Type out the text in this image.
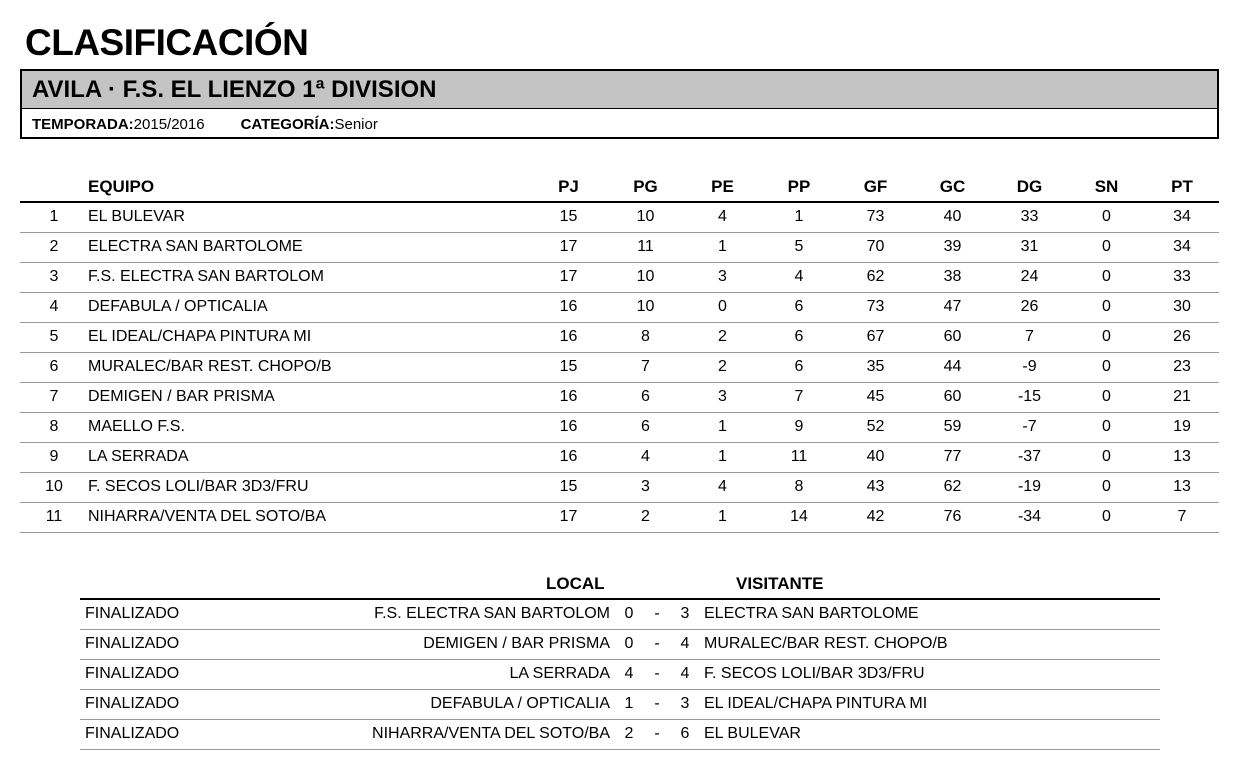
CLASIFICACIÓN
AVILA · F.S. EL LIENZO 1ª DIVISION
TEMPORADA: 2015/2016 CATEGORÍA: Senior
	EQUIPO	PJ	PG	PE	PP	GF	GC	DG	SN	PT
1	EL BULEVAR	15	10	4	1	73	40	33	0	34
2	ELECTRA SAN BARTOLOME	17	11	1	5	70	39	31	0	34
3	F.S. ELECTRA SAN BARTOLOM	17	10	3	4	62	38	24	0	33
4	DEFABULA / OPTICALIA	16	10	0	6	73	47	26	0	30
5	EL IDEAL/CHAPA PINTURA MI	16	8	2	6	67	60	7	0	26
6	MURALEC/BAR REST. CHOPO/B	15	7	2	6	35	44	-9	0	23
7	DEMIGEN / BAR PRISMA	16	6	3	7	45	60	-15	0	21
8	MAELLO F.S.	16	6	1	9	52	59	-7	0	19
9	LA SERRADA	16	4	1	11	40	77	-37	0	13
10	F. SECOS LOLI/BAR 3D3/FRU	15	3	4	8	43	62	-19	0	13
11	NIHARRA/VENTA DEL SOTO/BA	17	2	1	14	42	76	-34	0	7
LOCAL	VISITANTE
FINALIZADO	F.S. ELECTRA SAN BARTOLOM	0	-	3	ELECTRA SAN BARTOLOME
FINALIZADO	DEMIGEN / BAR PRISMA	0	-	4	MURALEC/BAR REST. CHOPO/B
FINALIZADO	LA SERRADA	4	-	4	F. SECOS LOLI/BAR 3D3/FRU
FINALIZADO	DEFABULA / OPTICALIA	1	-	3	EL IDEAL/CHAPA PINTURA MI
FINALIZADO	NIHARRA/VENTA DEL SOTO/BA	2	-	6	EL BULEVAR
